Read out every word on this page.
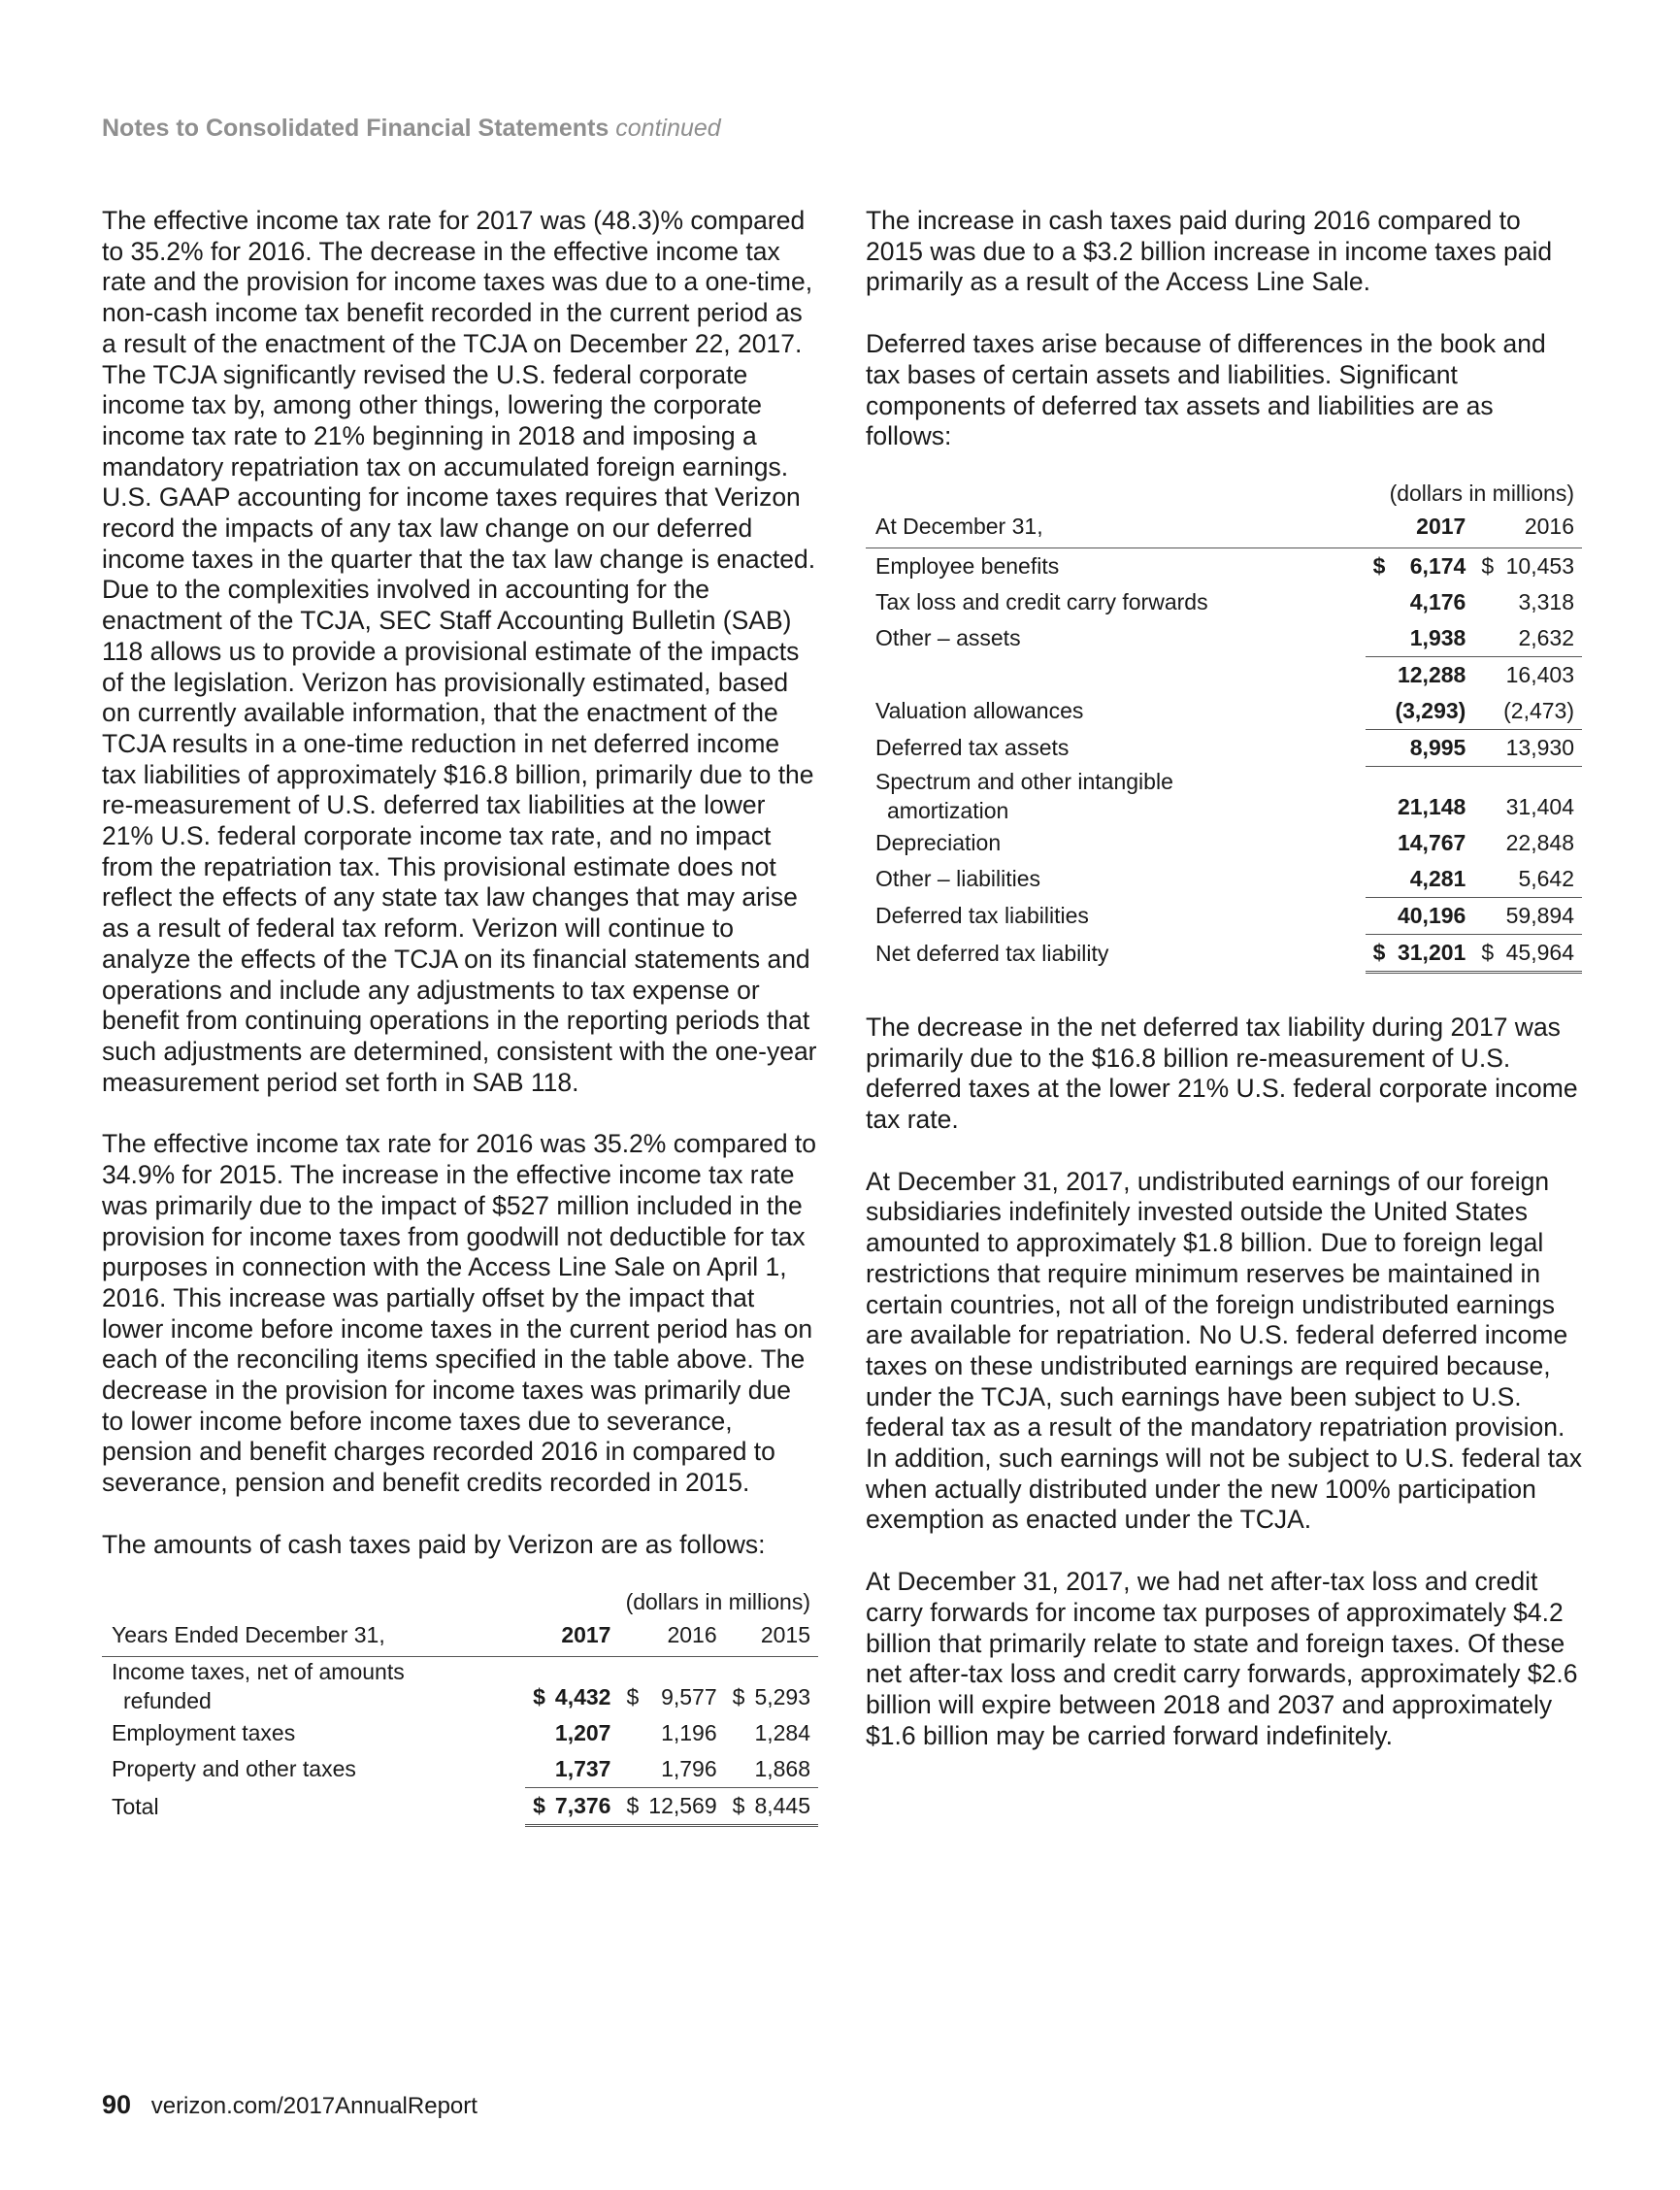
Notes to Consolidated Financial Statements continued

The effective income tax rate for 2017 was (48.3)% compared to 35.2% for 2016. The decrease in the effective income tax rate and the provision for income taxes was due to a one-time, non-cash income tax benefit recorded in the current period as a result of the enactment of the TCJA on December 22, 2017. The TCJA significantly revised the U.S. federal corporate income tax by, among other things, lowering the corporate income tax rate to 21% beginning in 2018 and imposing a mandatory repatriation tax on accumulated foreign earnings. U.S. GAAP accounting for income taxes requires that Verizon record the impacts of any tax law change on our deferred income taxes in the quarter that the tax law change is enacted. Due to the complexities involved in accounting for the enactment of the TCJA, SEC Staff Accounting Bulletin (SAB) 118 allows us to provide a provisional estimate of the impacts of the legislation. Verizon has provisionally estimated, based on currently available information, that the enactment of the TCJA results in a one-time reduction in net deferred income tax liabilities of approximately $16.8 billion, primarily due to the re-measurement of U.S. deferred tax liabilities at the lower 21% U.S. federal corporate income tax rate, and no impact from the repatriation tax. This provisional estimate does not reflect the effects of any state tax law changes that may arise as a result of federal tax reform. Verizon will continue to analyze the effects of the TCJA on its financial statements and operations and include any adjustments to tax expense or benefit from continuing operations in the reporting periods that such adjustments are determined, consistent with the one-year measurement period set forth in SAB 118.

The effective income tax rate for 2016 was 35.2% compared to 34.9% for 2015. The increase in the effective income tax rate was primarily due to the impact of $527 million included in the provision for income taxes from goodwill not deductible for tax purposes in connection with the Access Line Sale on April 1, 2016. This increase was partially offset by the impact that lower income before income taxes in the current period has on each of the reconciling items specified in the table above. The decrease in the provision for income taxes was primarily due to lower income before income taxes due to severance, pension and benefit charges recorded 2016 in compared to severance, pension and benefit credits recorded in 2015.

The amounts of cash taxes paid by Verizon are as follows:

(dollars in millions)						
Years Ended December 31,		2017		2016		2015

Income taxes, net of amounts
refunded	$	4,432	$	9,577	$	5,293
Employment taxes		1,207		1,196		1,284
Property and other taxes		1,737		1,796		1,868

Total	$	7,376	$	12,569	$	8,445

The increase in cash taxes paid during 2016 compared to 2015 was due to a $3.2 billion increase in income taxes paid primarily as a result of the Access Line Sale.

Deferred taxes arise because of differences in the book and tax bases of certain assets and liabilities. Significant components of deferred tax assets and liabilities are as follows:

(dollars in millions)				
At December 31,		2017		2016

Employee benefits	$	6,174	$	10,453
Tax loss and credit carry forwards		4,176		3,318
Other – assets		1,938		2,632

		12,288		16,403
Valuation allowances		(3,293)		(2,473)

Deferred tax assets		8,995		13,930

Spectrum and other intangible
amortization		21,148		31,404
Depreciation		14,767		22,848
Other – liabilities		4,281		5,642

Deferred tax liabilities		40,196		59,894

Net deferred tax liability	$	31,201	$	45,964

The decrease in the net deferred tax liability during 2017 was primarily due to the $16.8 billion re-measurement of U.S. deferred taxes at the lower 21% U.S. federal corporate income tax rate.

At December 31, 2017, undistributed earnings of our foreign subsidiaries indefinitely invested outside the United States amounted to approximately $1.8 billion. Due to foreign legal restrictions that require minimum reserves be maintained in certain countries, not all of the foreign undistributed earnings are available for repatriation. No U.S. federal deferred income taxes on these undistributed earnings are required because, under the TCJA, such earnings have been subject to U.S. federal tax as a result of the mandatory repatriation provision. In addition, such earnings will not be subject to U.S. federal tax when actually distributed under the new 100% participation exemption as enacted under the TCJA.

At December 31, 2017, we had net after-tax loss and credit carry forwards for income tax purposes of approximately $4.2 billion that primarily relate to state and foreign taxes. Of these net after-tax loss and credit carry forwards, approximately $2.6 billion will expire between 2018 and 2037 and approximately $1.6 billion may be carried forward indefinitely.

90 verizon.com/2017AnnualReport
